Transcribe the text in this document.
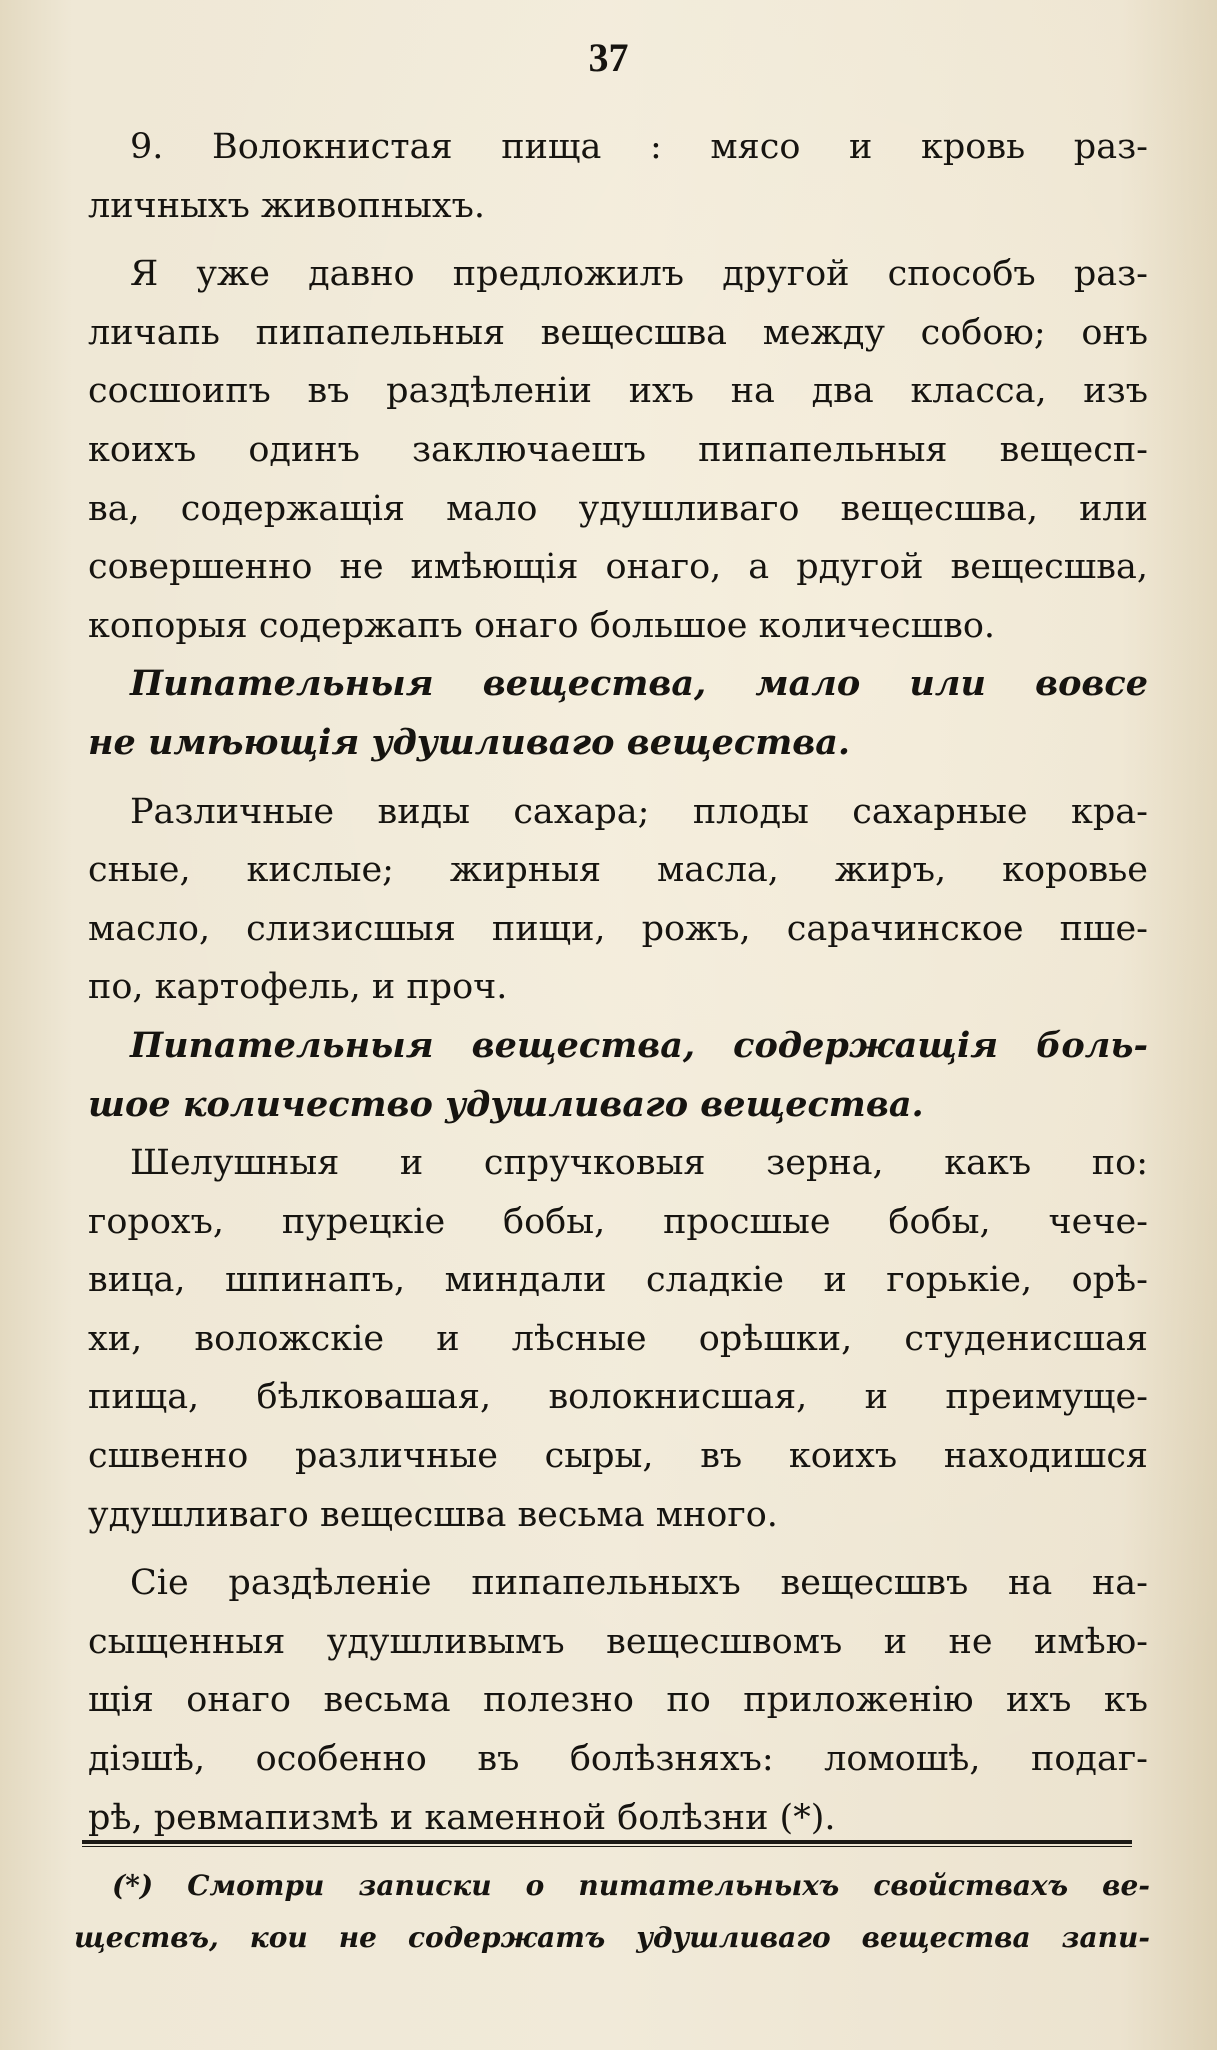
37
9. Волокнистая пища : мясо и кровь раз-
личныхъ живопныхъ.
Я уже давно предложилъ другой способъ раз-
личапь пипапельныя вещесшва между собою; онъ
сосшоипъ въ раздѣленіи ихъ на два класса, изъ
коихъ одинъ заключаешъ пипапельныя вещесп-
ва, содержащія мало удушливаго вещесшва, или
совершенно не имѣющія онаго, а рдугой вещесшва,
копорыя содержапъ онаго большое количесшво.
Пипательныя вещества, мало или вовсе
не имѣющія удушливаго вещества.
Различные виды сахара; плоды сахарные кра-
сные, кислые; жирныя масла, жиръ, коровье
масло, слизисшыя пищи, рожъ, сарачинское пше-
по, картофель, и проч.
Пипательныя вещества, содержащія боль-
шое количество удушливаго вещества.
Шелушныя и спручковыя зерна, какъ по:
горохъ, пурецкіе бобы, просшые бобы, чече-
вица, шпинапъ, миндали сладкіе и горькіе, орѣ-
хи, воложскіе и лѣсные орѣшки, студенисшая
пища, бѣлковашая, волокнисшая, и преимуще-
сшвенно различные сыры, въ коихъ находишся
удушливаго вещесшва весьма много.
Сіе раздѣленіе пипапельныхъ вещесшвъ на на-
сыщенныя удушливымъ вещесшвомъ и не имѣю-
щія онаго весьма полезно по приложенію ихъ къ
діэшѣ, особенно въ болѣзняхъ: ломошѣ, подаг-
рѣ, ревмапизмѣ и каменной болѣзни (*).
(*) Смотри записки о питательныхъ свойствахъ ве-
ществъ, кои не содержатъ удушливаго вещества запи-
